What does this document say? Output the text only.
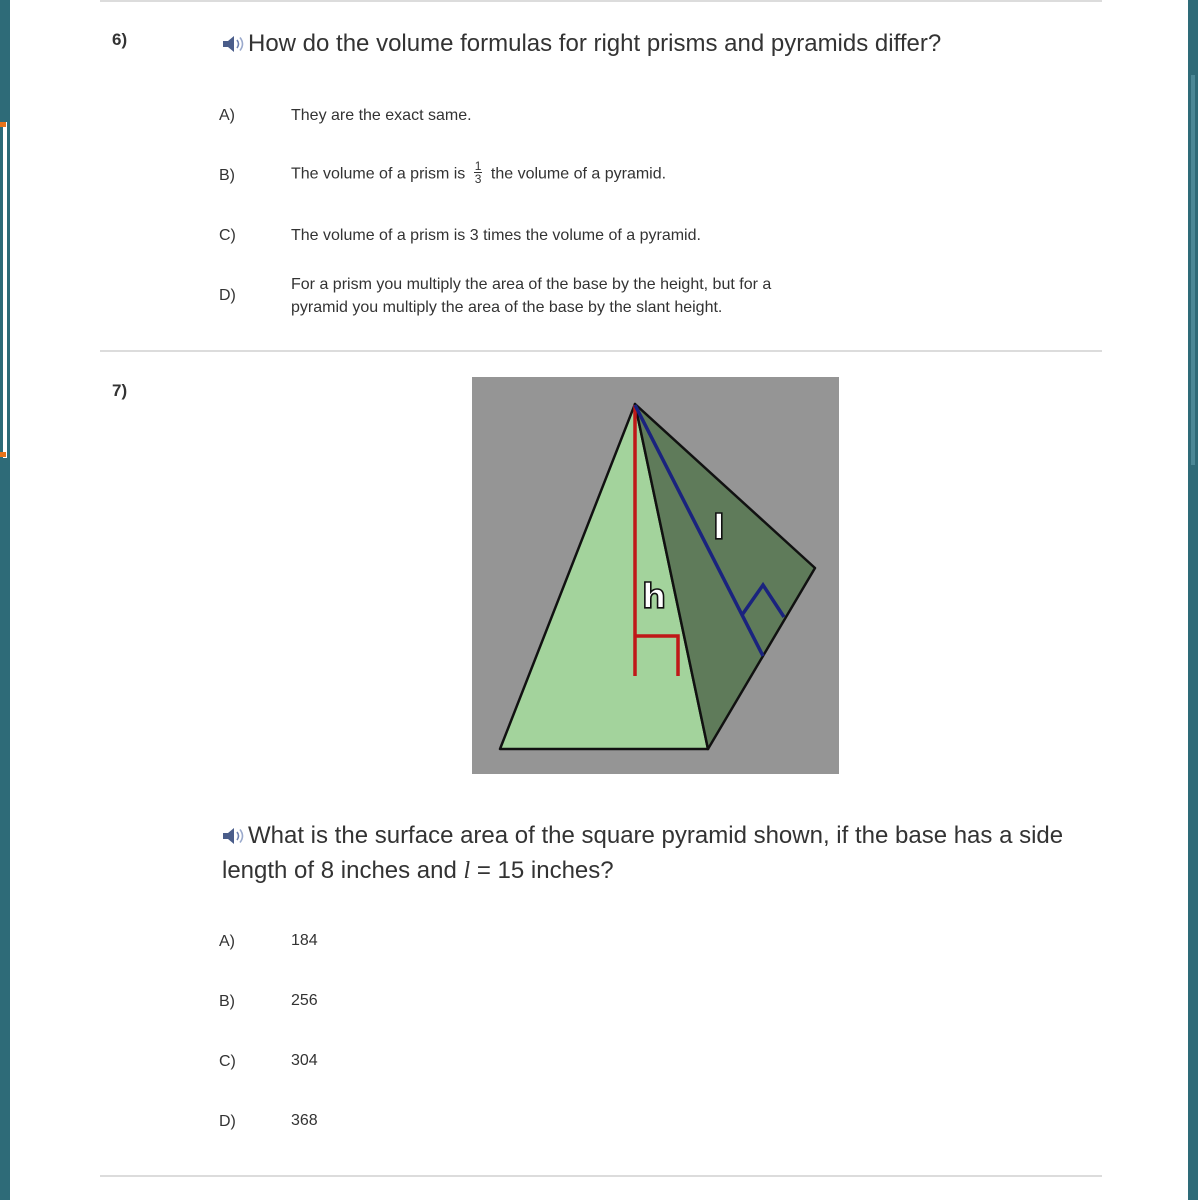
6)	How do the volume formulas for right prisms and pyramids differ?
A)	They are the exact same.
B)	The volume of a prism is $\frac{1}{3}$ the volume of a pyramid.
C)	The volume of a prism is 3 times the volume of a pyramid.
D)
For a prism you multiply the area of the base by the height, but for a
pyramid you multiply the area of the base by the slant height.
7)
h
l
What is the surface area of the square pyramid shown, if the base has a side
length of 8 inches and l = 15 inches?
A)	184
B)	256
C)	304
D)	368
